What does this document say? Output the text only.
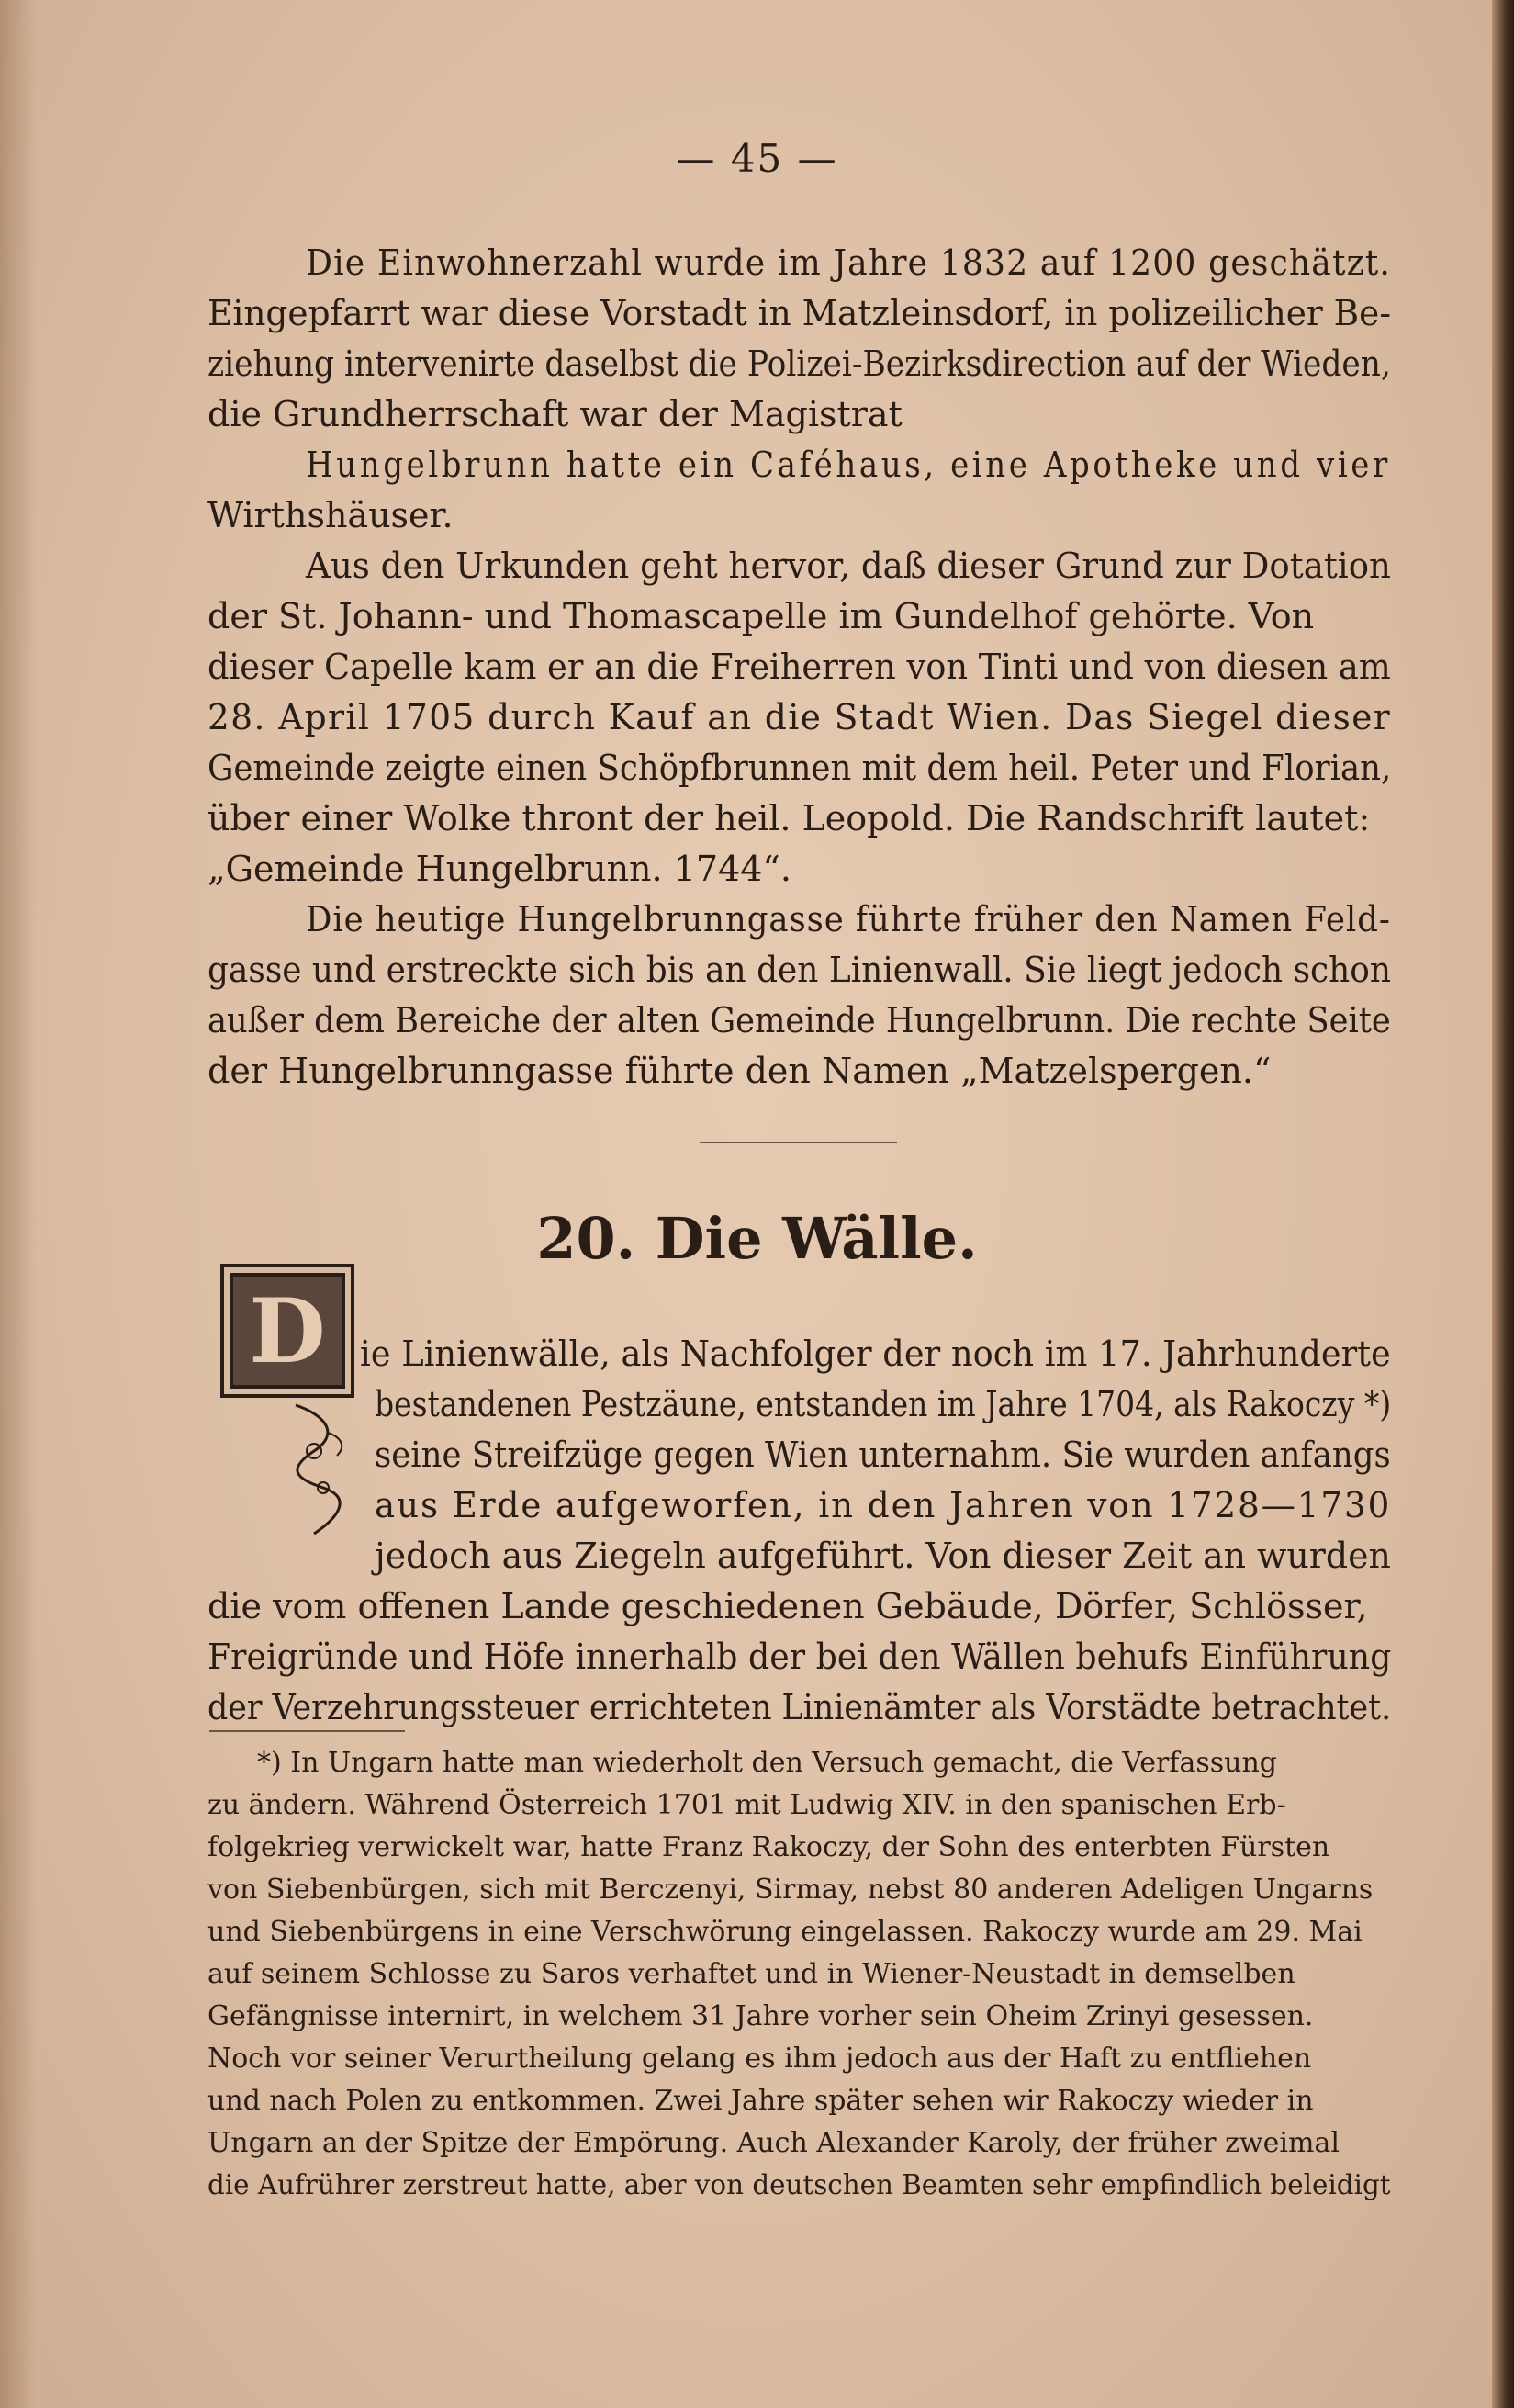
— 45 —
Die Einwohnerzahl wurde im Jahre 1832 auf 1200 geschätzt.
Eingepfarrt war diese Vorstadt in Matzleinsdorf, in polizeilicher Be-
ziehung intervenirte daselbst die Polizei-Bezirksdirection auf der Wieden,
die Grundherrschaft war der Magistrat
Hungelbrunn hatte ein Caféhaus, eine Apotheke und vier
Wirthshäuser.
Aus den Urkunden geht hervor, daß dieser Grund zur Dotation
der St. Johann- und Thomascapelle im Gundelhof gehörte. Von
dieser Capelle kam er an die Freiherren von Tinti und von diesen am
28. April 1705 durch Kauf an die Stadt Wien. Das Siegel dieser
Gemeinde zeigte einen Schöpfbrunnen mit dem heil. Peter und Florian,
über einer Wolke thront der heil. Leopold. Die Randschrift lautet:
„Gemeinde Hungelbrunn. 1744“.
Die heutige Hungelbrunngasse führte früher den Namen Feld-
gasse und erstreckte sich bis an den Linienwall. Sie liegt jedoch schon
außer dem Bereiche der alten Gemeinde Hungelbrunn. Die rechte Seite
der Hungelbrunngasse führte den Namen „Matzelspergen.“
20. Die Wälle.
D ie Linienwälle, als Nachfolger der noch im 17. Jahrhunderte
bestandenen Pestzäune, entstanden im Jahre 1704, als Rakoczy *)
seine Streifzüge gegen Wien unternahm. Sie wurden anfangs
aus Erde aufgeworfen, in den Jahren von 1728—1730
jedoch aus Ziegeln aufgeführt. Von dieser Zeit an wurden
die vom offenen Lande geschiedenen Gebäude, Dörfer, Schlösser,
Freigründe und Höfe innerhalb der bei den Wällen behufs Einführung
der Verzehrungssteuer errichteten Linienämter als Vorstädte betrachtet.
*) In Ungarn hatte man wiederholt den Versuch gemacht, die Verfassung
zu ändern. Während Österreich 1701 mit Ludwig XIV. in den spanischen Erb-
folgekrieg verwickelt war, hatte Franz Rakoczy, der Sohn des enterbten Fürsten
von Siebenbürgen, sich mit Berczenyi, Sirmay, nebst 80 anderen Adeligen Ungarns
und Siebenbürgens in eine Verschwörung eingelassen. Rakoczy wurde am 29. Mai
auf seinem Schlosse zu Saros verhaftet und in Wiener-Neustadt in demselben
Gefängnisse internirt, in welchem 31 Jahre vorher sein Oheim Zrinyi gesessen.
Noch vor seiner Verurtheilung gelang es ihm jedoch aus der Haft zu entfliehen
und nach Polen zu entkommen. Zwei Jahre später sehen wir Rakoczy wieder in
Ungarn an der Spitze der Empörung. Auch Alexander Karoly, der früher zweimal
die Aufrührer zerstreut hatte, aber von deutschen Beamten sehr empfindlich beleidigt
